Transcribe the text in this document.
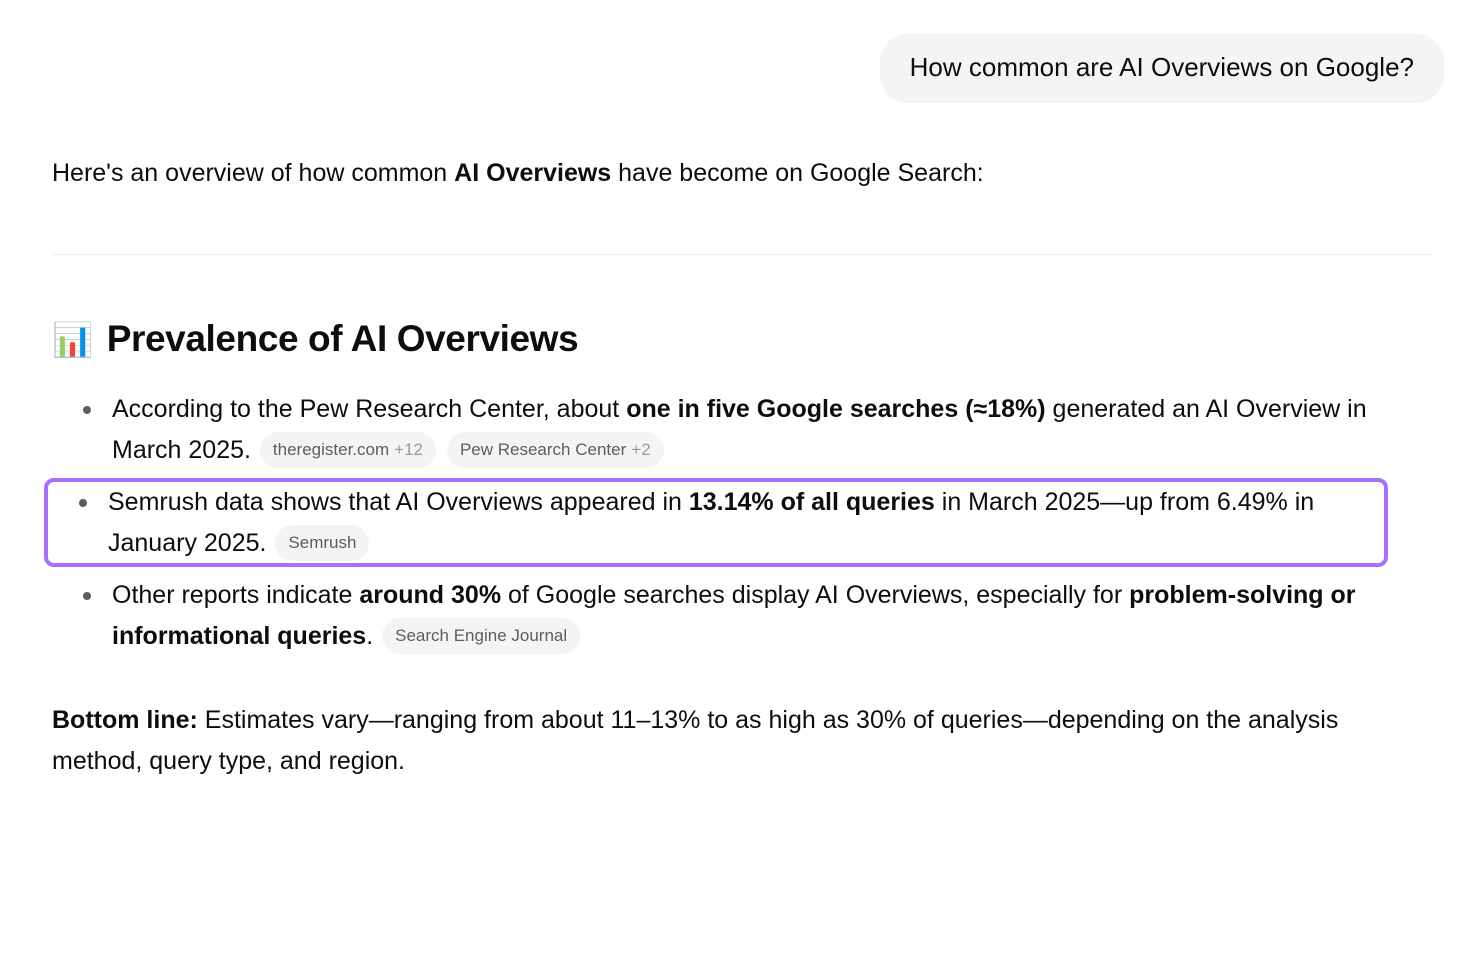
How common are AI Overviews on Google?

Here's an overview of how common AI Overviews have become on Google Search:

📊 Prevalence of AI Overviews
According to the Pew Research Center, about one in five Google searches (≈18%) generated an AI Overview in March 2025. theregister.com +12 Pew Research Center +2
Semrush data shows that AI Overviews appeared in 13.14% of all queries in March 2025—up from 6.49% in January 2025. Semrush
Other reports indicate around 30% of Google searches display AI Overviews, especially for problem-solving or informational queries. Search Engine Journal

Bottom line: Estimates vary—ranging from about 11–13% to as high as 30% of queries—depending on the analysis method, query type, and region.
